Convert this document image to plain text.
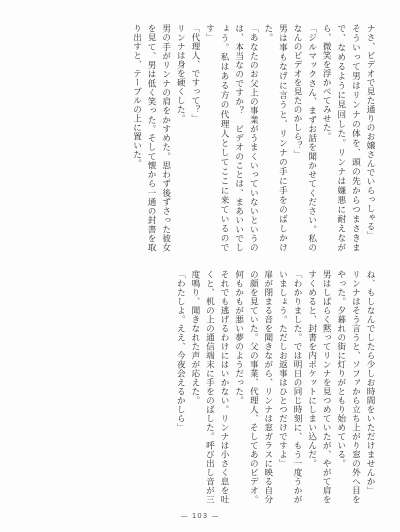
ナさ、ビデオで見た通りのお嬢さんでいらっしゃる」

そういって男はリンナの体を、頭の先からつまさきまで、なめるように見回した。リンナは嫌悪に耐えながら、微笑を浮かべてみせた。

「ジルマックさん、まずお話を聞かせてください。私のなんのビデオを見たのかしら？」

男は事もなげに言うと、リンナの手に手をのばしかけた。

「あなたのお父上の事業がうまくいっていないというのは、本当なのですか？　ビデオのことは、まあいいでしょう。私はある方の代理人としてここに来ているのです」

「代理人、ですって？」

リンナは身を硬くした。

男の手がリンナの肩をかすめた。思わず後ずさった彼女を見て、男は低く笑った。そして懐から一通の封書を取り出すと、テーブルの上に置いた。

ね、もしなんでしたら少しお時間をいただけませんか」

リンナはそう言うと、ソファから立ち上がり窓の外へ目をやった。夕暮れの街に灯りがともり始めている。

男はしばらく黙ってリンナを見つめていたが、やがて肩をすくめると、封書を内ポケットにしまい込んだ。

「わかりました。では明日の同じ時刻に、もう一度うかがいましょう。ただしお返事はひとつだけですよ」

扉が閉まる音を聞きながら、リンナは窓ガラスに映る自分の顔を見ていた。父の事業、代理人、そしてあのビデオ。何もかもが悪い夢のようだった。

それでも逃げるわけにはいかない。リンナは小さく息を吐くと、机の上の通信端末に手をのばした。呼び出し音が三度鳴り、聞きなれた声が応えた。

「わたしよ。ええ、今夜会えるかしら」

— 103 —
